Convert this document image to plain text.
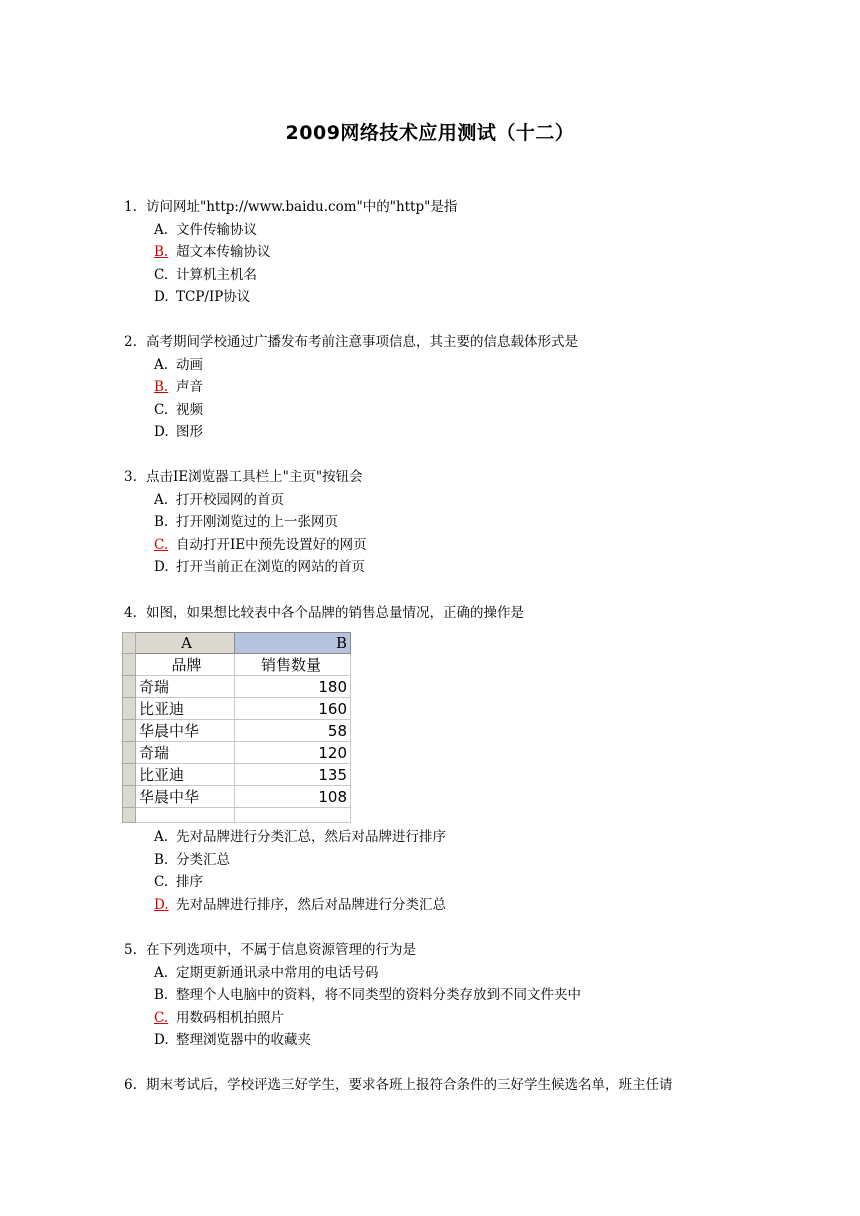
2009网络技术应用测试（十二）
1. 访问网址"http://www.baidu.com"中的"http"是指
A. 文件传输协议
B. 超文本传输协议
C. 计算机主机名
D. TCP/IP协议
2. 高考期间学校通过广播发布考前注意事项信息，其主要的信息载体形式是
A. 动画
B. 声音
C. 视频
D. 图形
3. 点击IE浏览器工具栏上"主页"按钮会
A. 打开校园网的首页
B. 打开刚浏览过的上一张网页
C. 自动打开IE中预先设置好的网页
D. 打开当前正在浏览的网站的首页
4. 如图，如果想比较表中各个品牌的销售总量情况，正确的操作是
	A	B
	品牌	销售数量
	奇瑞	180
	比亚迪	160
	华晨中华	58
	奇瑞	120
	比亚迪	135
	华晨中华	108

A. 先对品牌进行分类汇总，然后对品牌进行排序
B. 分类汇总
C. 排序
D. 先对品牌进行排序，然后对品牌进行分类汇总
5. 在下列选项中，不属于信息资源管理的行为是
A. 定期更新通讯录中常用的电话号码
B. 整理个人电脑中的资料，将不同类型的资料分类存放到不同文件夹中
C. 用数码相机拍照片
D. 整理浏览器中的收藏夹
6. 期末考试后，学校评选三好学生，要求各班上报符合条件的三好学生候选名单，班主任请
